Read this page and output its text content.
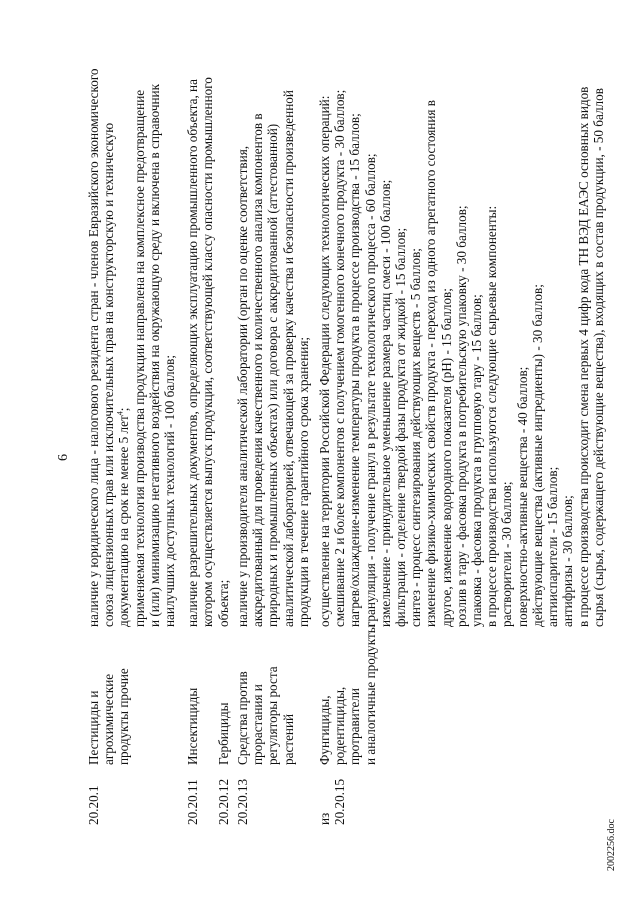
6
20.20.1
Пестициды и агрохимические продукты прочие
наличие у юридического лица - налогового резидента стран - членов Евразийского экономического союза лицензионных прав или исключительных прав на конструкторскую и техническую документацию на срок не менее 5 лет$^4$; применяемая технология производства продукции направлена на комплексное предотвращение и (или) минимизацию негативного воздействия на окружающую среду и включена в справочник наилучших доступных технологий - 100 баллов;
20.20.11
Инсектициды
наличие разрешительных документов, определяющих эксплуатацию промышленного объекта, на котором осуществляется выпуск продукции, соответствующей классу опасности промышленного объекта;
20.20.12
Гербициды
20.20.13
Средства против прорастания и регуляторы роста растений
наличие у производителя аналитической лаборатории (орган по оценке соответствия, аккредитованный для проведения качественного и количественного анализа компонентов в природных и промышленных объектах) или договора с аккредитованной (аттестованной) аналитической лабораторией, отвечающей за проверку качества и безопасности произведенной продукции в течение гарантийного срока хранения;
из 20.20.15
Фунгициды, родентициды, протравители и аналогичные продукты
осуществление на территории Российской Федерации следующих технологических операций: смешивание 2 и более компонентов с получением гомогенного конечного продукта - 30 баллов; нагрев/охлаждение-изменение температуры продукта в процессе производства - 15 баллов; грануляция - получение гранул в результате технологического процесса - 60 баллов; измельчение - принудительное уменьшение размера частиц смеси - 100 баллов; фильтрация - отделение твердой фазы продукта от жидкой - 15 баллов; синтез - процесс синтезирования действующих веществ - 5 баллов; изменение физико-химических свойств продукта - переход из одного агрегатного состояния в другое, изменение водородного показателя (pH) - 15 баллов; розлив в тару - фасовка продукта в потребительскую упаковку - 30 баллов; упаковка - фасовка продукта в групповую тару - 15 баллов; в процессе производства используются следующие сырьевые компоненты: растворители - 30 баллов; поверхностно-активные вещества - 40 баллов; действующие вещества (активные ингредиенты) - 30 баллов; антииспарители - 15 баллов; антифризы - 30 баллов; в процессе производства происходит смена первых 4 цифр кода ТН ВЭД ЕАЭС основных видов сырья (сырья, содержащего действующие вещества), входящих в состав продукции, - 50 баллов
2002256.doc
